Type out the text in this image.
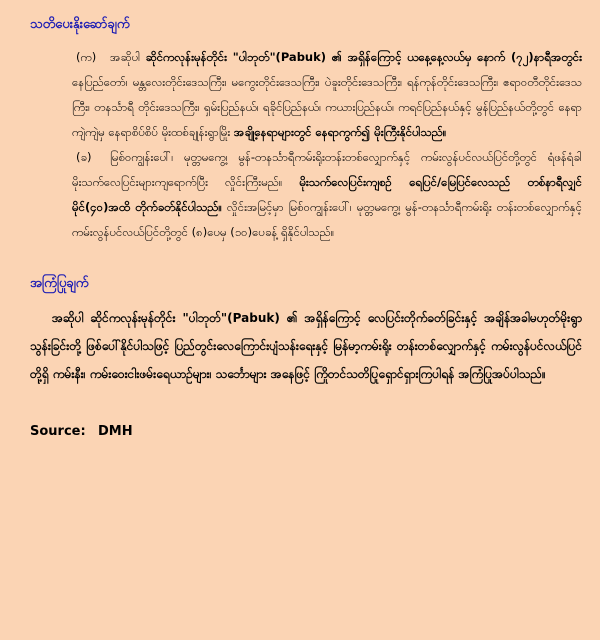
သတိပေးနိုးဆော်ချက်

(က) အဆိုပါ ဆိုင်ကလုန်းမုန်တိုင်း "ပါဘုတ်"(Pabuk) ၏ အရှိန်ကြောင့် ယနေ့နေ့လယ်မှ နောက် (၇၂)နာရီအတွင်း နေပြည်တော်၊ မန္တလေးတိုင်းဒေသကြီး၊ မကွေးတိုင်းဒေသကြီး၊ ပဲခူးတိုင်းဒေသကြီး၊ ရန်ကုန်တိုင်းဒေသကြီး၊ ဧရာဝတီတိုင်းဒေသကြီး၊ တနင်္သာရီ တိုင်းဒေသကြီး၊ ရှမ်းပြည်နယ်၊ ရခိုင်ပြည်နယ်၊ ကယားပြည်နယ်၊ ကရင်ပြည်နယ်နှင့် မွန်ပြည်နယ်တို့တွင် နေရာကျဲကျဲမှ နေရာစိပ်စိပ် မိုးထစ်ချုန်းရွာမြိုး အချို့နေရာများတွင် နေရာကွက်၍ မိုးကြီးနိုင်ပါသည်။

(ခ) မြစ်ဝကျွန်းပေါ်၊ မုတ္တမကွေ့၊ မွန်-တနင်္သာရီကမ်းရိုးတန်းတစ်လျှောက်နှင့် ကမ်းလွန်ပင်လယ်ပြင်တို့တွင် ရံဖန်ရံခါ မိုးသက်လေပြင်းများကျရောက်ပြီး လှိုင်းကြီးမည်။ မိုးသက်လေပြင်းကျစဉ် ရေပြင်/မြေပြင်လေသည် တစ်နာရီလျှင် မိုင်(၄၀)အထိ တိုက်ခတ်နိုင်ပါသည်။ လှိုင်းအမြင့်မှာ မြစ်ဝကျွန်းပေါ်၊ မုတ္တမကွေ့၊ မွန်-တနင်္သာရီကမ်းရိုး တန်းတစ်လျှောက်နှင့် ကမ်းလွန်ပင်လယ်ပြင်တို့တွင် (၈)ပေမှ (၁၀)ပေခန့် ရှိနိုင်ပါသည်။

အကြံပြုချက်

အဆိုပါ ဆိုင်ကလုန်းမုန်တိုင်း "ပါဘုတ်"(Pabuk) ၏ အရှိန်ကြောင့် လေပြင်းတိုက်ခတ်ခြင်းနှင့် အချိန်အခါမဟုတ်မိုးရွာသွန်းခြင်းတို့ ဖြစ်ပေါ်နိုင်ပါသဖြင့် ပြည်တွင်းလေကြောင်းပျံသန်းရေးနှင့် မြန်မာ့ကမ်းရိုး တန်းတစ်လျှောက်နှင့် ကမ်းလွန်ပင်လယ်ပြင်တို့ရှိ ကမ်းနီး၊ ကမ်းဝေးငါးဖမ်းရေယာဉ်များ၊ သင်္ဘောများ အနေဖြင့် ကြိုတင်သတိပြုရှောင်ရှားကြပါရန် အကြံပြုအပ်ပါသည်။

Source: DMH
